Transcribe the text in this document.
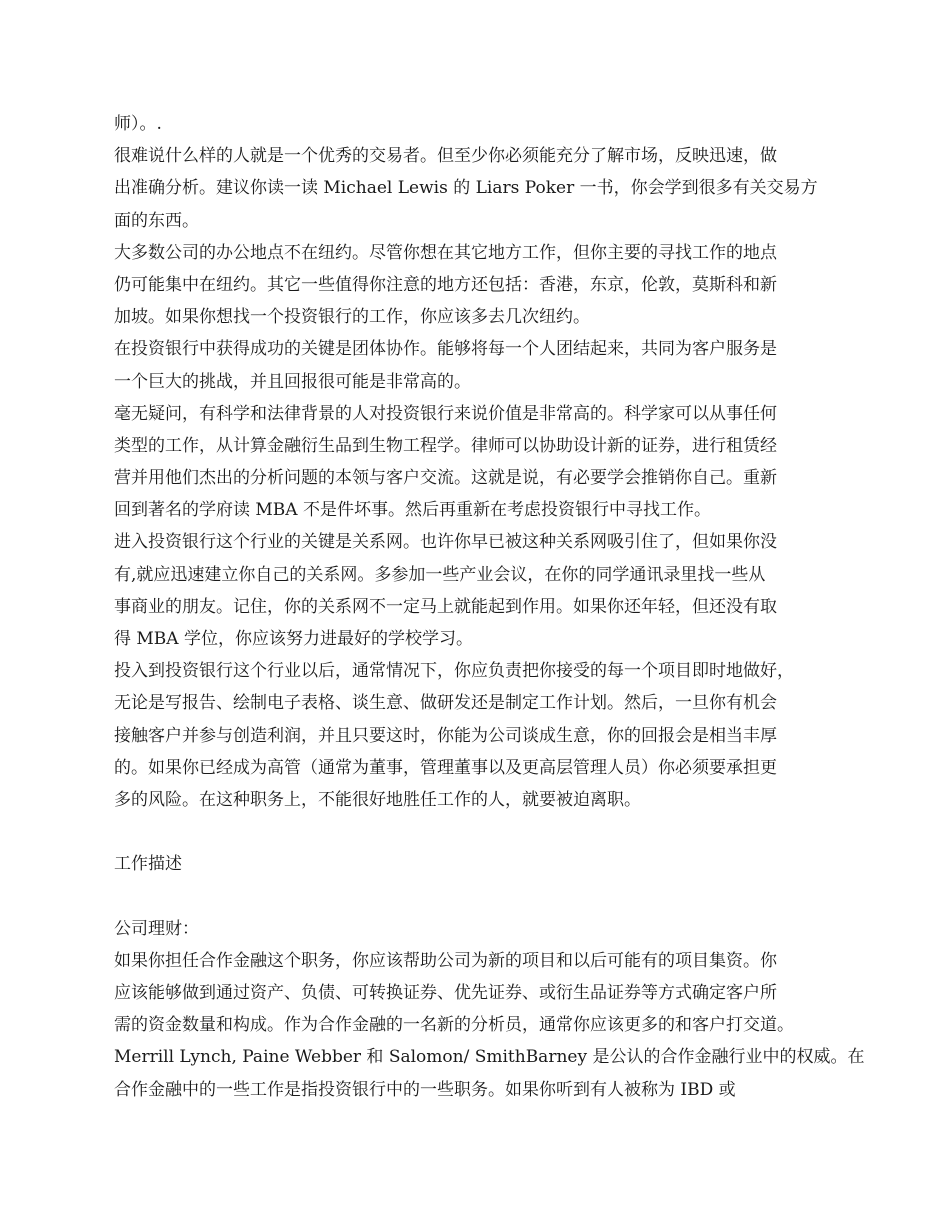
师）。.
很难说什么样的人就是一个优秀的交易者。但至少你必须能充分了解市场，反映迅速，做
出准确分析。建议你读一读 Michael Lewis 的 Liars Poker 一书，你会学到很多有关交易方
面的东西。
大多数公司的办公地点不在纽约。尽管你想在其它地方工作，但你主要的寻找工作的地点
仍可能集中在纽约。其它一些值得你注意的地方还包括：香港，东京，伦敦，莫斯科和新
加坡。如果你想找一个投资银行的工作，你应该多去几次纽约。
在投资银行中获得成功的关键是团体协作。能够将每一个人团结起来，共同为客户服务是
一个巨大的挑战，并且回报很可能是非常高的。
毫无疑问，有科学和法律背景的人对投资银行来说价值是非常高的。科学家可以从事任何
类型的工作，从计算金融衍生品到生物工程学。律师可以协助设计新的证券，进行租赁经
营并用他们杰出的分析问题的本领与客户交流。这就是说，有必要学会推销你自己。重新
回到著名的学府读 MBA 不是件坏事。然后再重新在考虑投资银行中寻找工作。
进入投资银行这个行业的关键是关系网。也许你早已被这种关系网吸引住了，但如果你没
有,就应迅速建立你自己的关系网。多参加一些产业会议，在你的同学通讯录里找一些从
事商业的朋友。记住，你的关系网不一定马上就能起到作用。如果你还年轻，但还没有取
得 MBA 学位，你应该努力进最好的学校学习。
投入到投资银行这个行业以后，通常情况下，你应负责把你接受的每一个项目即时地做好，
无论是写报告、绘制电子表格、谈生意、做研发还是制定工作计划。然后，一旦你有机会
接触客户并参与创造利润，并且只要这时，你能为公司谈成生意，你的回报会是相当丰厚
的。如果你已经成为高管（通常为董事，管理董事以及更高层管理人员）你必须要承担更
多的风险。在这种职务上，不能很好地胜任工作的人，就要被迫离职。
工作描述
公司理财：
如果你担任合作金融这个职务，你应该帮助公司为新的项目和以后可能有的项目集资。你
应该能够做到通过资产、负债、可转换证券、优先证券、或衍生品证券等方式确定客户所
需的资金数量和构成。作为合作金融的一名新的分析员，通常你应该更多的和客户打交道。
Merrill Lynch, Paine Webber 和 Salomon/ SmithBarney 是公认的合作金融行业中的权威。在
合作金融中的一些工作是指投资银行中的一些职务。如果你听到有人被称为 IBD 或
